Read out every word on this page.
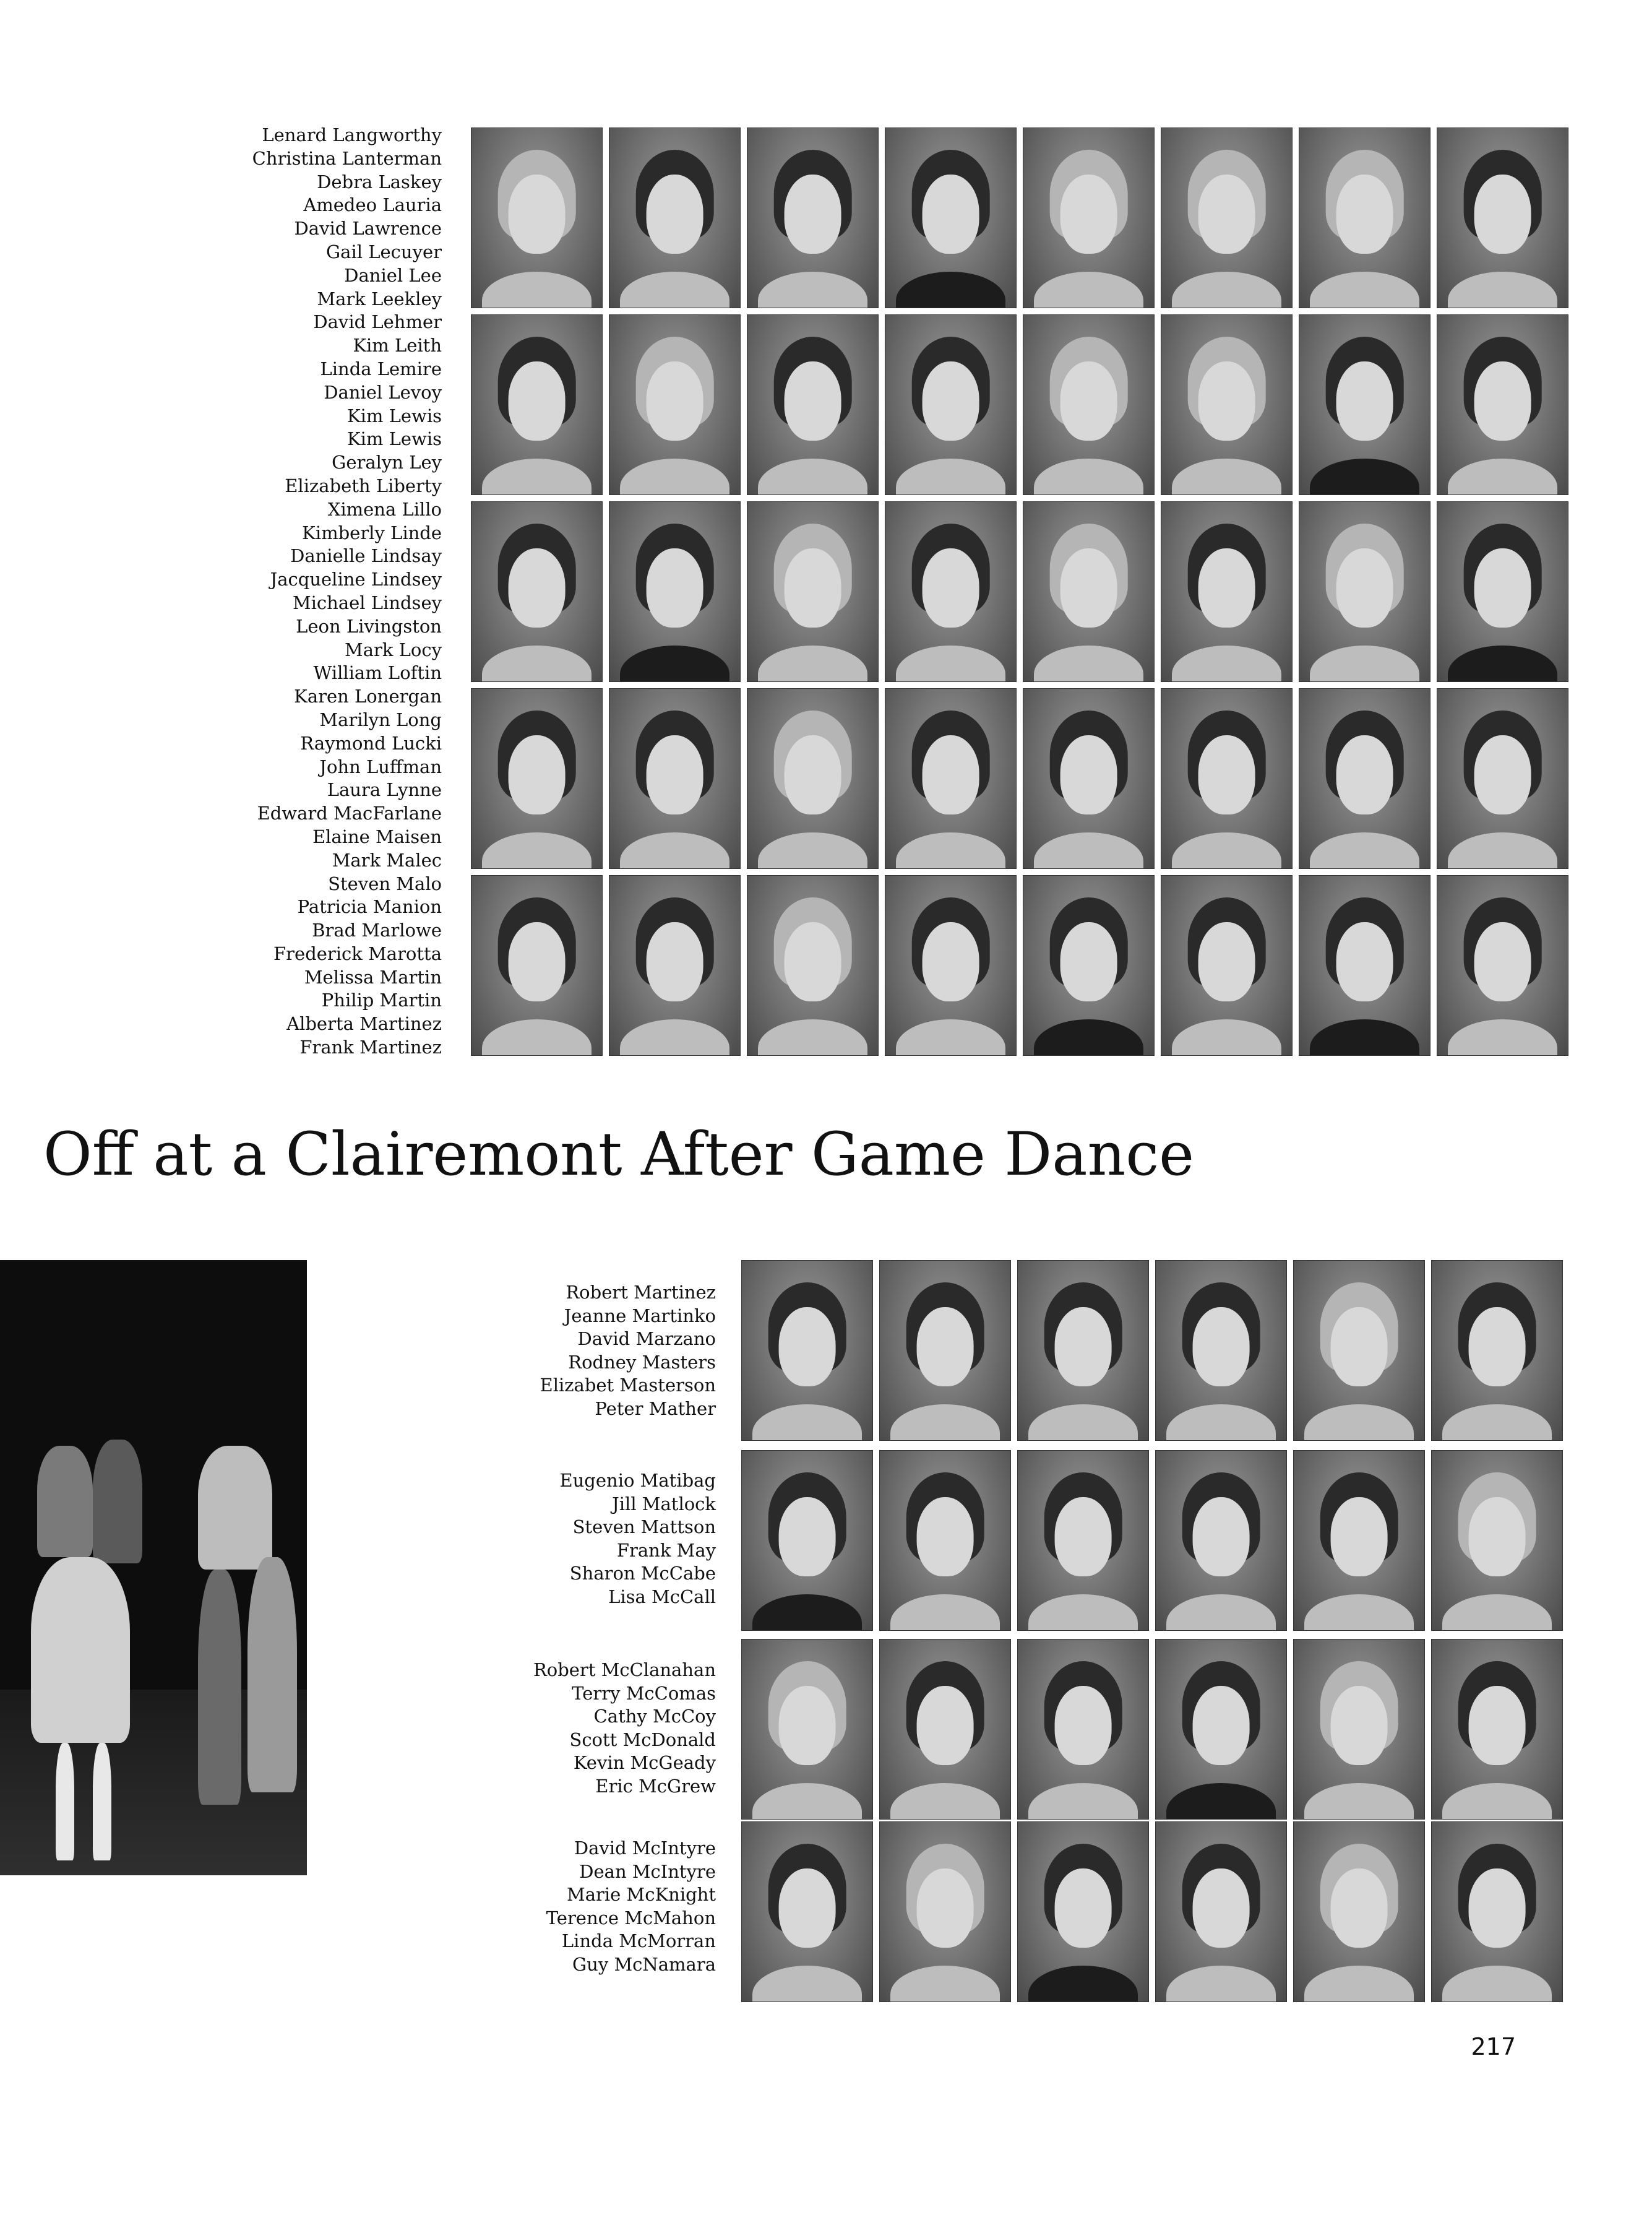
Lenard Langworthy
Christina Lanterman
Debra Laskey
Amedeo Lauria
David Lawrence
Gail Lecuyer
Daniel Lee
Mark Leekley
David Lehmer
Kim Leith
Linda Lemire
Daniel Levoy
Kim Lewis
Kim Lewis
Geralyn Ley
Elizabeth Liberty
Ximena Lillo
Kimberly Linde
Danielle Lindsay
Jacqueline Lindsey
Michael Lindsey
Leon Livingston
Mark Locy
William Loftin
Karen Lonergan
Marilyn Long
Raymond Lucki
John Luffman
Laura Lynne
Edward MacFarlane
Elaine Maisen
Mark Malec
Steven Malo
Patricia Manion
Brad Marlowe
Frederick Marotta
Melissa Martin
Philip Martin
Alberta Martinez
Frank Martinez
Off at a Clairemont After Game Dance
Robert Martinez
Jeanne Martinko
David Marzano
Rodney Masters
Elizabet Masterson
Peter Mather
Eugenio Matibag
Jill Matlock
Steven Mattson
Frank May
Sharon McCabe
Lisa McCall
Robert McClanahan
Terry McComas
Cathy McCoy
Scott McDonald
Kevin McGeady
Eric McGrew
David McIntyre
Dean McIntyre
Marie McKnight
Terence McMahon
Linda McMorran
Guy McNamara
217
